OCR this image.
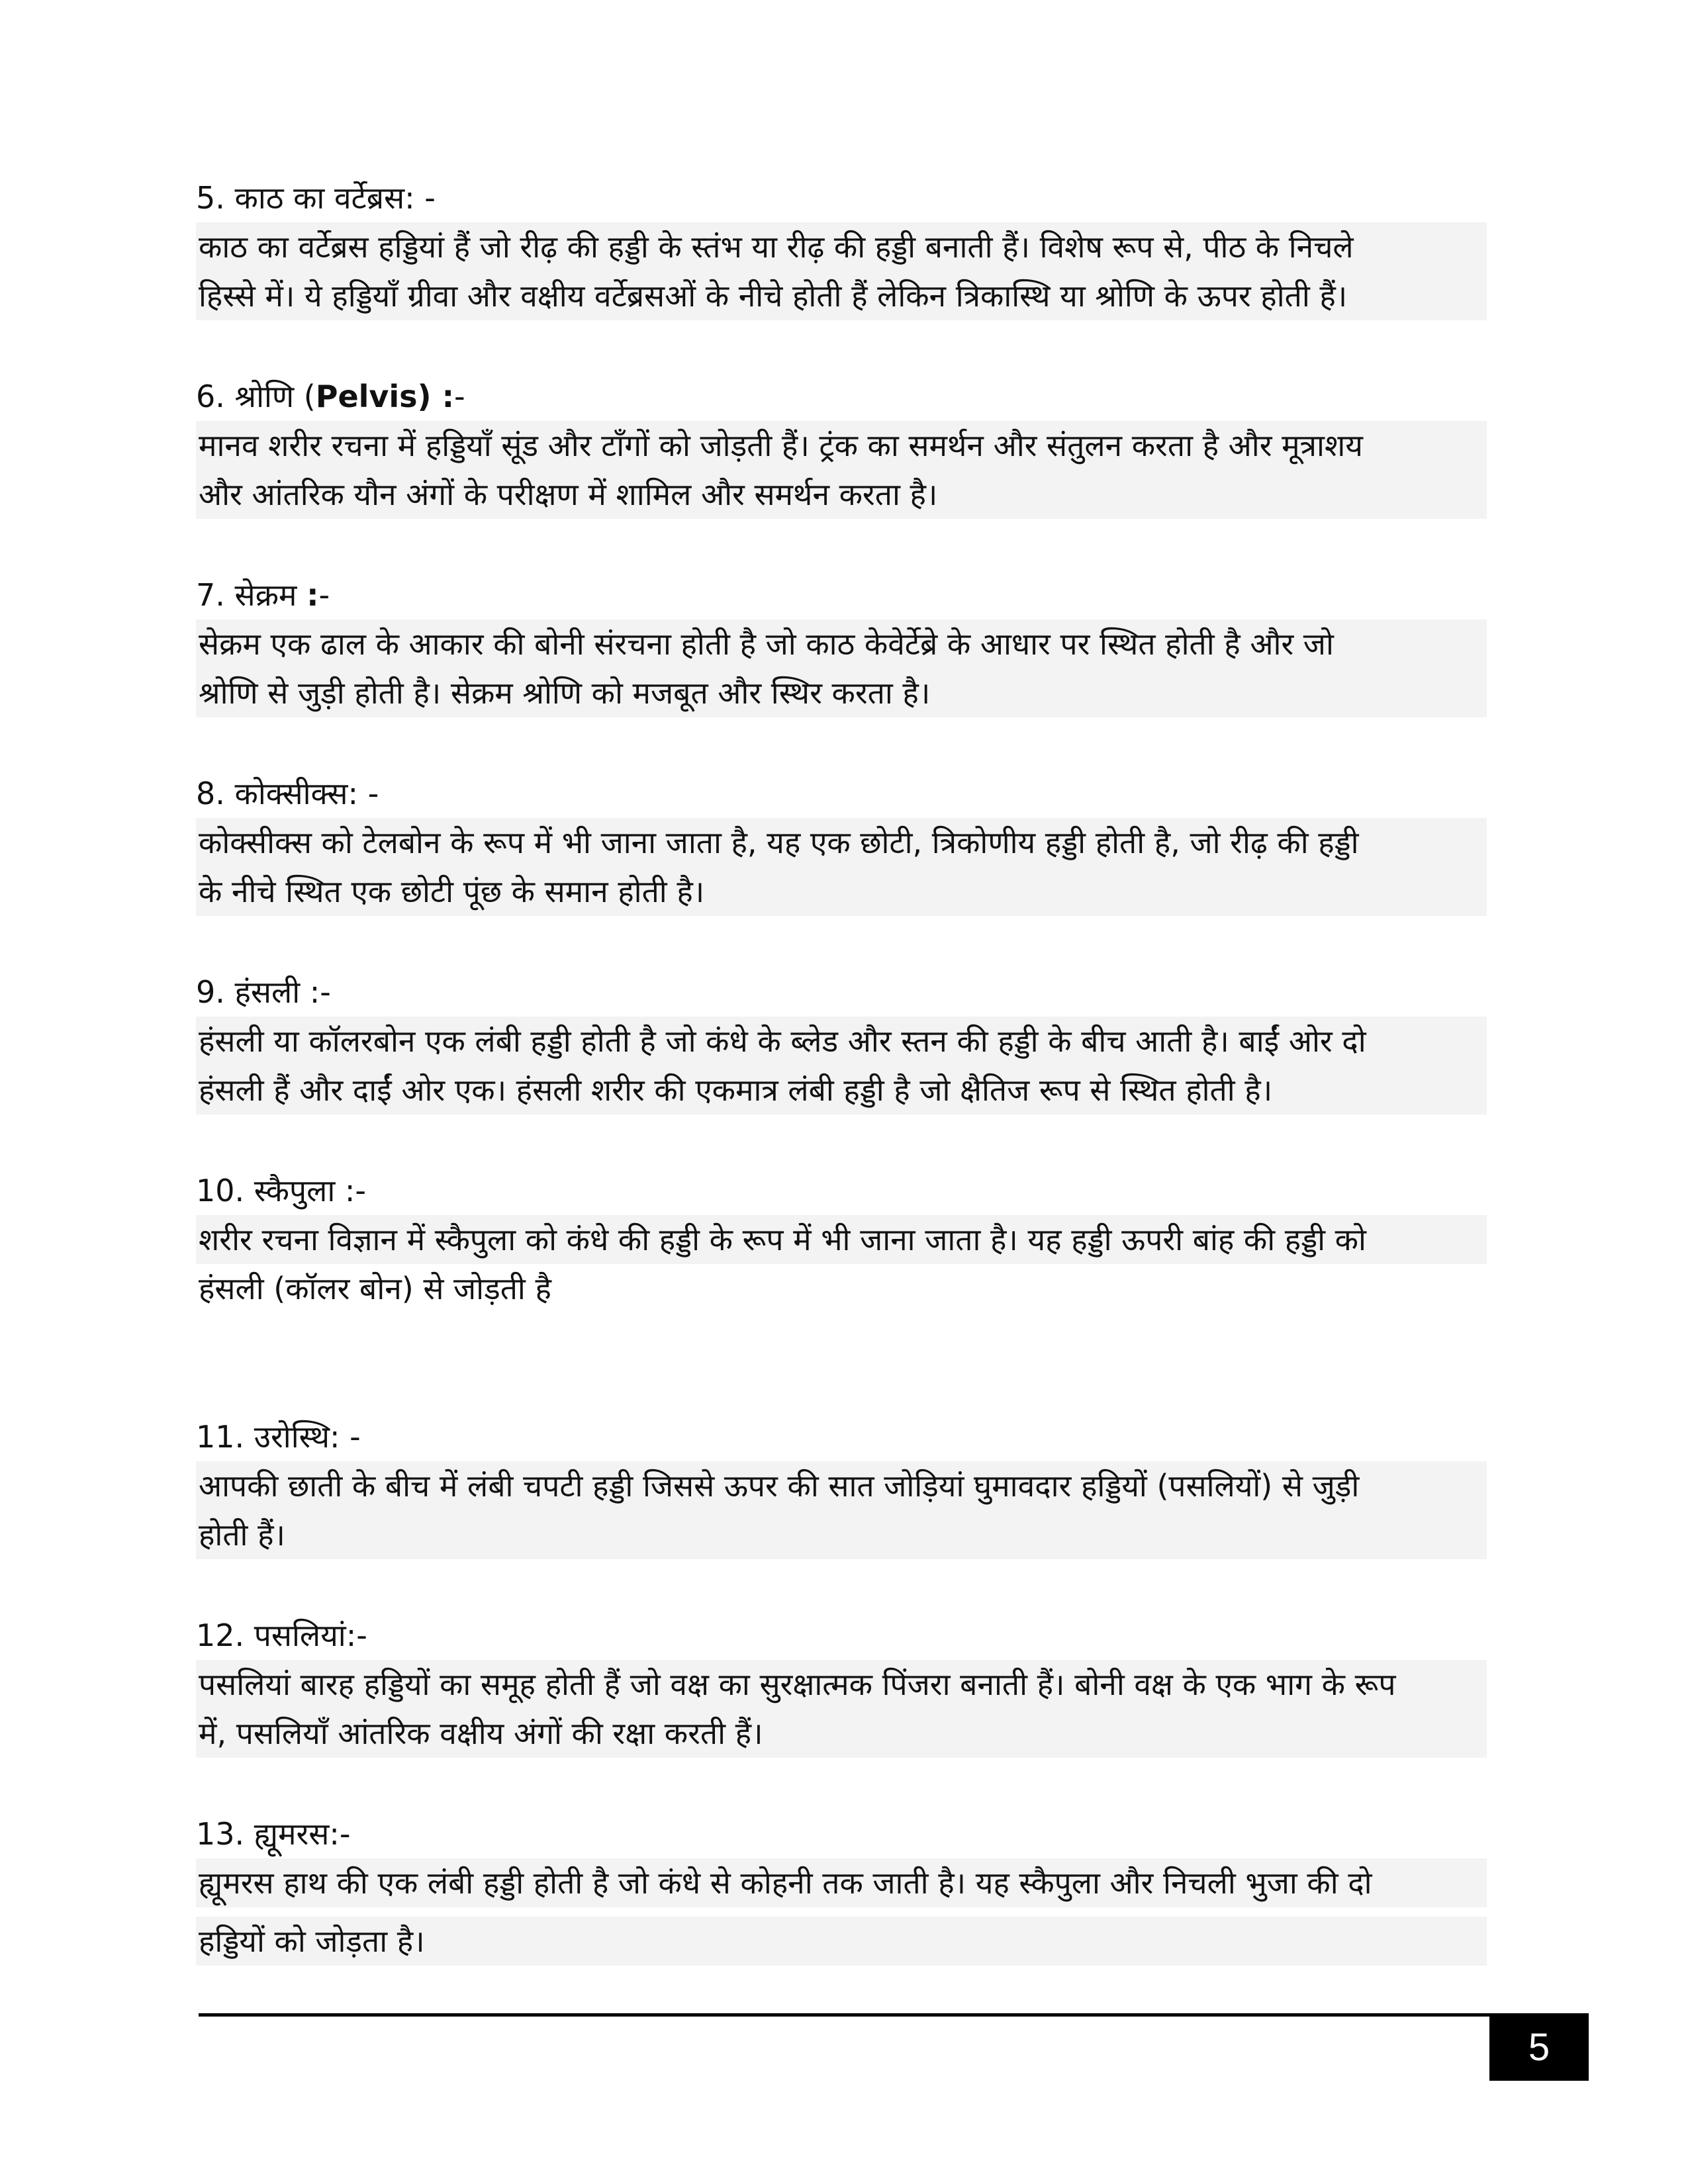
5. काठ का वर्टेब्रस: -
काठ का वर्टेब्रस हड्डियां हैं जो रीढ़ की हड्डी के स्तंभ या रीढ़ की हड्डी बनाती हैं। विशेष रूप से, पीठ के निचले
हिस्से में। ये हड्डियाँ ग्रीवा और वक्षीय वर्टेब्रसओं के नीचे होती हैं लेकिन त्रिकास्थि या श्रोणि के ऊपर होती हैं।
6. श्रोणि (Pelvis) :-
मानव शरीर रचना में हड्डियाँ सूंड और टाँगों को जोड़ती हैं। ट्रंक का समर्थन और संतुलन करता है और मूत्राशय
और आंतरिक यौन अंगों के परीक्षण में शामिल और समर्थन करता है।
7. सेक्रम :-
सेक्रम एक ढाल के आकार की बोनी संरचना होती है जो काठ केवेर्टेब्रे के आधार पर स्थित होती है और जो
श्रोणि से जुड़ी होती है। सेक्रम श्रोणि को मजबूत और स्थिर करता है।
8. कोक्सीक्स: -
कोक्सीक्स को टेलबोन के रूप में भी जाना जाता है, यह एक छोटी, त्रिकोणीय हड्डी होती है, जो रीढ़ की हड्डी
के नीचे स्थित एक छोटी पूंछ के समान होती है।
9. हंसली :-
हंसली या कॉलरबोन एक लंबी हड्डी होती है जो कंधे के ब्लेड और स्तन की हड्डी के बीच आती है। बाईं ओर दो
हंसली हैं और दाईं ओर एक। हंसली शरीर की एकमात्र लंबी हड्डी है जो क्षैतिज रूप से स्थित होती है।
10. स्कैपुला :-
शरीर रचना विज्ञान में स्कैपुला को कंधे की हड्डी के रूप में भी जाना जाता है। यह हड्डी ऊपरी बांह की हड्डी को
हंसली (कॉलर बोन) से जोड़ती है
11. उरोस्थि: -
आपकी छाती के बीच में लंबी चपटी हड्डी जिससे ऊपर की सात जोड़ियां घुमावदार हड्डियों (पसलियों) से जुड़ी
होती हैं।
12. पसलियां:-
पसलियां बारह हड्डियों का समूह होती हैं जो वक्ष का सुरक्षात्मक पिंजरा बनाती हैं। बोनी वक्ष के एक भाग के रूप
में, पसलियाँ आंतरिक वक्षीय अंगों की रक्षा करती हैं।
13. ह्यूमरस:-
ह्यूमरस हाथ की एक लंबी हड्डी होती है जो कंधे से कोहनी तक जाती है। यह स्कैपुला और निचली भुजा की दो
हड्डियों को जोड़ता है।
5
